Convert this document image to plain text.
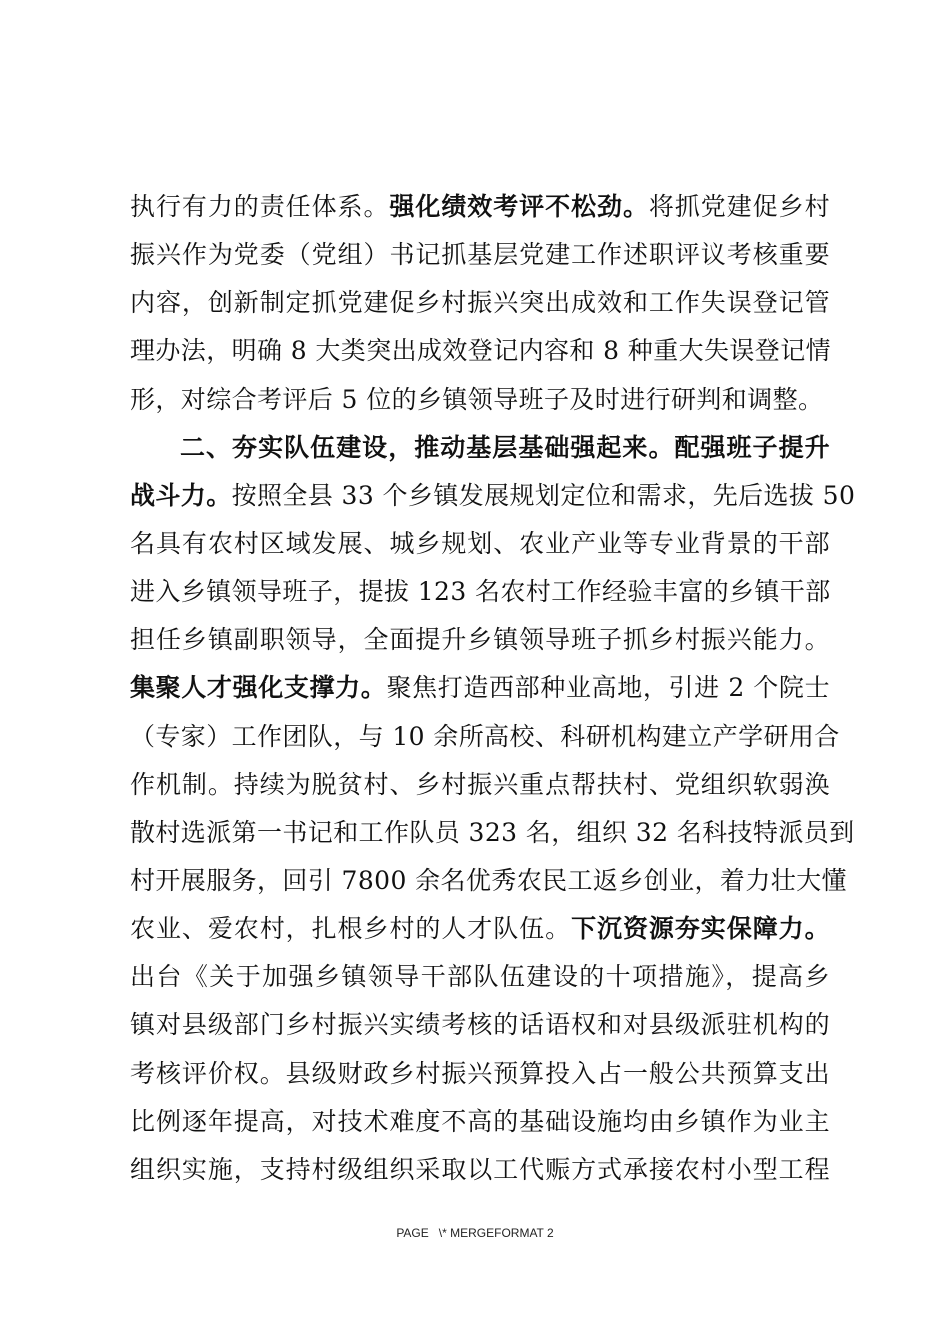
执行有力的责任体系。强化绩效考评不松劲。将抓党建促乡村
振兴作为党委（党组）书记抓基层党建工作述职评议考核重要
内容，创新制定抓党建促乡村振兴突出成效和工作失误登记管
理办法，明确 8 大类突出成效登记内容和 8 种重大失误登记情
形，对综合考评后 5 位的乡镇领导班子及时进行研判和调整。
二、夯实队伍建设，推动基层基础强起来。配强班子提升
战斗力。按照全县 33 个乡镇发展规划定位和需求，先后选拔 50
名具有农村区域发展、城乡规划、农业产业等专业背景的干部
进入乡镇领导班子，提拔 123 名农村工作经验丰富的乡镇干部
担任乡镇副职领导，全面提升乡镇领导班子抓乡村振兴能力。
集聚人才强化支撑力。聚焦打造西部种业高地，引进 2 个院士
（专家）工作团队，与 10 余所高校、科研机构建立产学研用合
作机制。持续为脱贫村、乡村振兴重点帮扶村、党组织软弱涣
散村选派第一书记和工作队员 323 名，组织 32 名科技特派员到
村开展服务，回引 7800 余名优秀农民工返乡创业，着力壮大懂
农业、爱农村，扎根乡村的人才队伍。下沉资源夯实保障力。
出台《关于加强乡镇领导干部队伍建设的十项措施》，提高乡
镇对县级部门乡村振兴实绩考核的话语权和对县级派驻机构的
考核评价权。县级财政乡村振兴预算投入占一般公共预算支出
比例逐年提高，对技术难度不高的基础设施均由乡镇作为业主
组织实施，支持村级组织采取以工代赈方式承接农村小型工程
PAGE   \* MERGEFORMAT 2
